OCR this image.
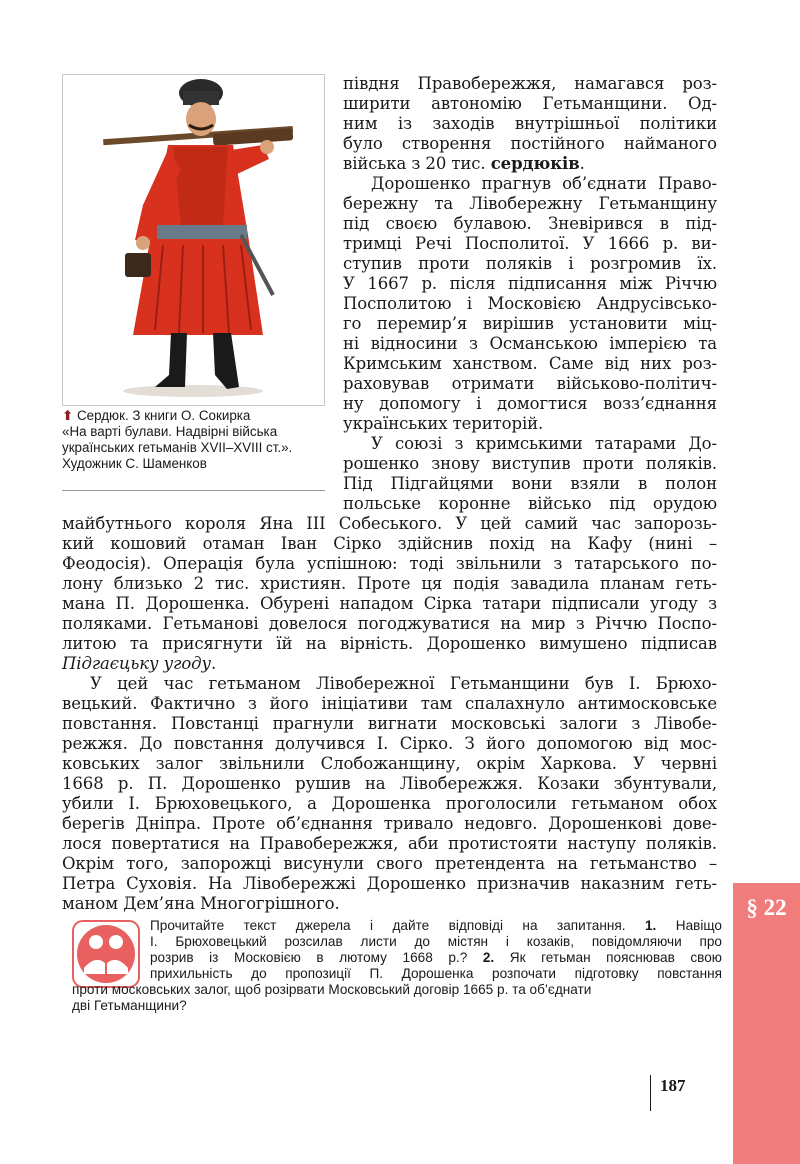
§ 22
⬆ Сердюк. З книги О. Сокирка
«На варті булави. Надвірні війська
українських гетьманів XVII–XVIII ст.».
Художник С. Шаменков
півдня Правобережжя, намагався роз-
ширити автономію Гетьманщини. Од-
ним із заходів внутрішньої політики
було створення постійного найманого
війська з 20 тис. сердюків.
Дорошенко прагнув об’єднати Право-
бережну та Лівобережну Гетьманщину
під своєю булавою. Зневірився в під-
тримці Речі Посполитої. У 1666 р. ви-
ступив проти поляків і розгромив їх.
У 1667 р. після підписання між Річчю
Посполитою і Московією Андрусівсько-
го перемир’я вирішив установити міц-
ні відносини з Османською імперією та
Кримським ханством. Саме від них роз-
раховував отримати військово-політич-
ну допомогу і домогтися возз’єднання
українських територій.
У союзі з кримськими татарами До-
рошенко знову виступив проти поляків.
Під Підгайцями вони взяли в полон
польське коронне військо під орудою
майбутнього короля Яна III Собеського. У цей самий час запорозь-
кий кошовий отаман Іван Сірко здійснив похід на Кафу (нині –
Феодосія). Операція була успішною: тоді звільнили з татарського по-
лону близько 2 тис. християн. Проте ця подія завадила планам геть-
мана П. Дорошенка. Обурені нападом Сірка татари підписали угоду з
поляками. Гетьманові довелося погоджуватися на мир з Річчю Поспо-
литою та присягнути їй на вірність. Дорошенко вимушено підписав
Підгаєцьку угоду.
У цей час гетьманом Лівобережної Гетьманщини був І. Брюхо-
вецький. Фактично з його ініціативи там спалахнуло антимосковське
повстання. Повстанці прагнули вигнати московські залоги з Лівобе-
режжя. До повстання долучився І. Сірко. З його допомогою від мос-
ковських залог звільнили Слобожанщину, окрім Харкова. У червні
1668 р. П. Дорошенко рушив на Лівобережжя. Козаки збунтували,
убили І. Брюховецького, а Дорошенка проголосили гетьманом обох
берегів Дніпра. Проте об’єднання тривало недовго. Дорошенкові дове-
лося повертатися на Правобережжя, аби протистояти наступу поляків.
Окрім того, запорожці висунули свого претендента на гетьманство –
Петра Суховія. На Лівобережжі Дорошенко призначив наказним геть-
маном Дем’яна Многогрішного.
Прочитайте текст джерела і дайте відповіді на запитання. 1. Навіщо
І. Брюховецький розсилав листи до містян і козаків, повідомляючи про
розрив із Московією в лютому 1668 р.? 2. Як гетьман пояснював свою
прихильність до пропозиції П. Дорошенка розпочати підготовку повстання
проти московських залог, щоб розірвати Московський договір 1665 р. та об’єднати
дві Гетьманщини?
187
